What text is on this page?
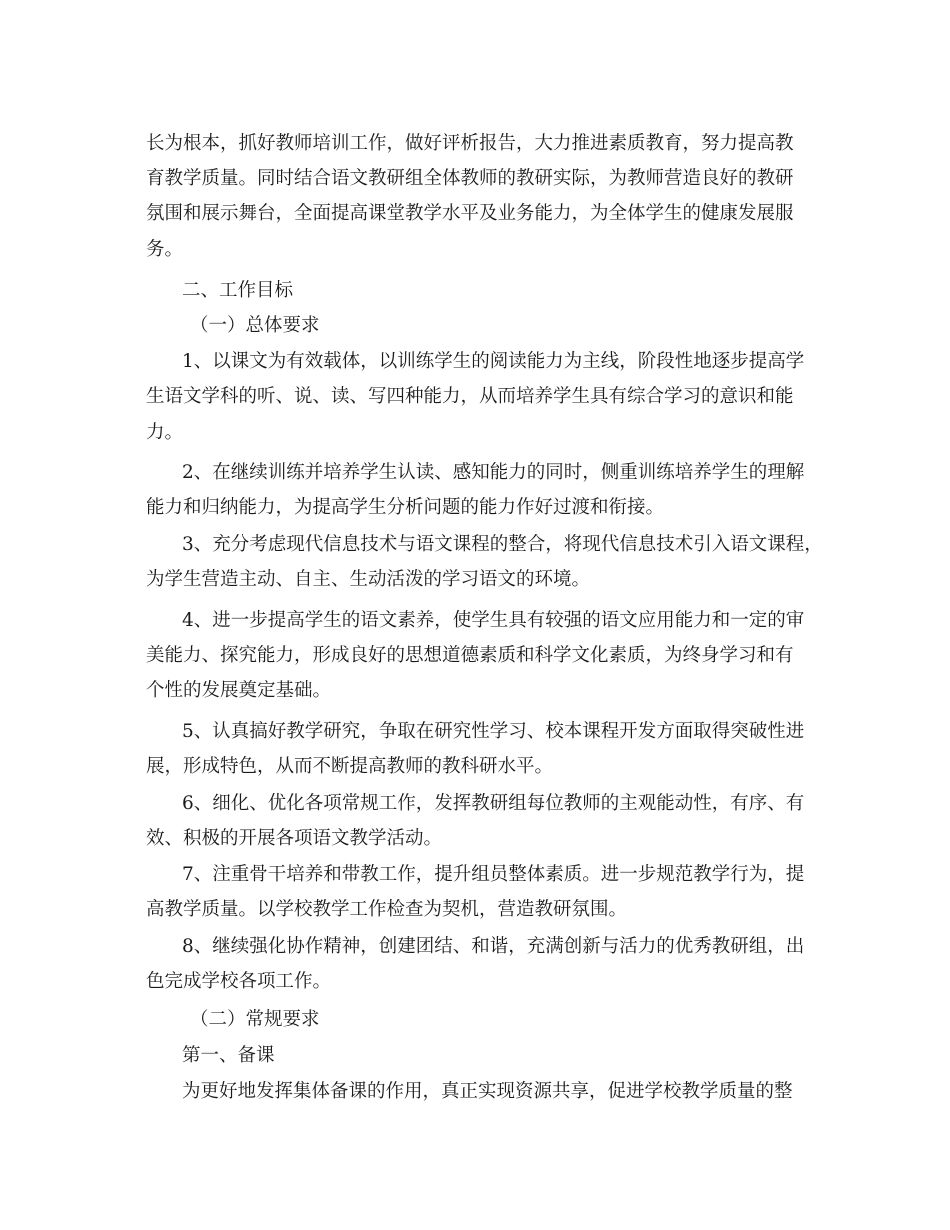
长为根本，抓好教师培训工作，做好评析报告，大力推进素质教育，努力提高教
育教学质量。同时结合语文教研组全体教师的教研实际，为教师营造良好的教研
氛围和展示舞台，全面提高课堂教学水平及业务能力，为全体学生的健康发展服
务。
二、工作目标
（一）总体要求
1、以课文为有效载体，以训练学生的阅读能力为主线，阶段性地逐步提高学
生语文学科的听、说、读、写四种能力，从而培养学生具有综合学习的意识和能
力。
2、在继续训练并培养学生认读、感知能力的同时，侧重训练培养学生的理解
能力和归纳能力，为提高学生分析问题的能力作好过渡和衔接。
3、充分考虑现代信息技术与语文课程的整合，将现代信息技术引入语文课程，
为学生营造主动、自主、生动活泼的学习语文的环境。
4、进一步提高学生的语文素养，使学生具有较强的语文应用能力和一定的审
美能力、探究能力，形成良好的思想道德素质和科学文化素质，为终身学习和有
个性的发展奠定基础。
5、认真搞好教学研究，争取在研究性学习、校本课程开发方面取得突破性进
展，形成特色，从而不断提高教师的教科研水平。
6、细化、优化各项常规工作，发挥教研组每位教师的主观能动性，有序、有
效、积极的开展各项语文教学活动。
7、注重骨干培养和带教工作，提升组员整体素质。进一步规范教学行为，提
高教学质量。以学校教学工作检查为契机，营造教研氛围。
8、继续强化协作精神，创建团结、和谐，充满创新与活力的优秀教研组，出
色完成学校各项工作。
（二）常规要求
第一、备课
为更好地发挥集体备课的作用，真正实现资源共享，促进学校教学质量的整
